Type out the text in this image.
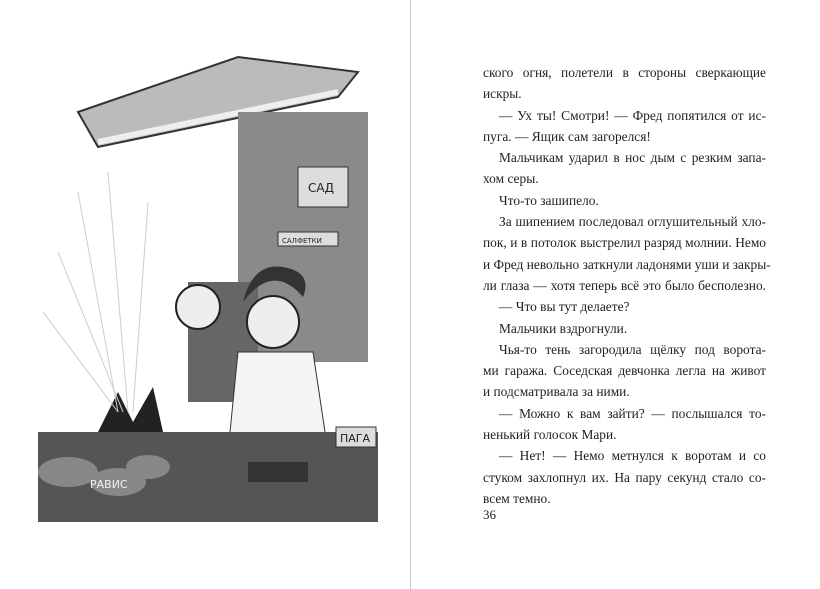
САД
САЛФЕТКИ
РАВИС
ПАГА
ского огня, полетели в стороны сверкающие
искры.
— Ух ты! Смотри! — Фред попятился от ис-
пуга. — Ящик сам загорелся!
Мальчикам ударил в нос дым с резким запа-
хом серы.
Что-то зашипело.
За шипением последовал оглушительный хло-
пок, и в потолок выстрелил разряд молнии. Немо
и Фред невольно заткнули ладонями уши и закры-
ли глаза — хотя теперь всё это было бесполезно.
— Что вы тут делаете?
Мальчики вздрогнули.
Чья-то тень загородила щёлку под ворота-
ми гаража. Соседская девчонка легла на живот
и подсматривала за ними.
— Можно к вам зайти? — послышался то-
ненький голосок Мари.
— Нет! — Немо метнулся к воротам и со
стуком захлопнул их. На пару секунд стало со-
всем темно.
36
